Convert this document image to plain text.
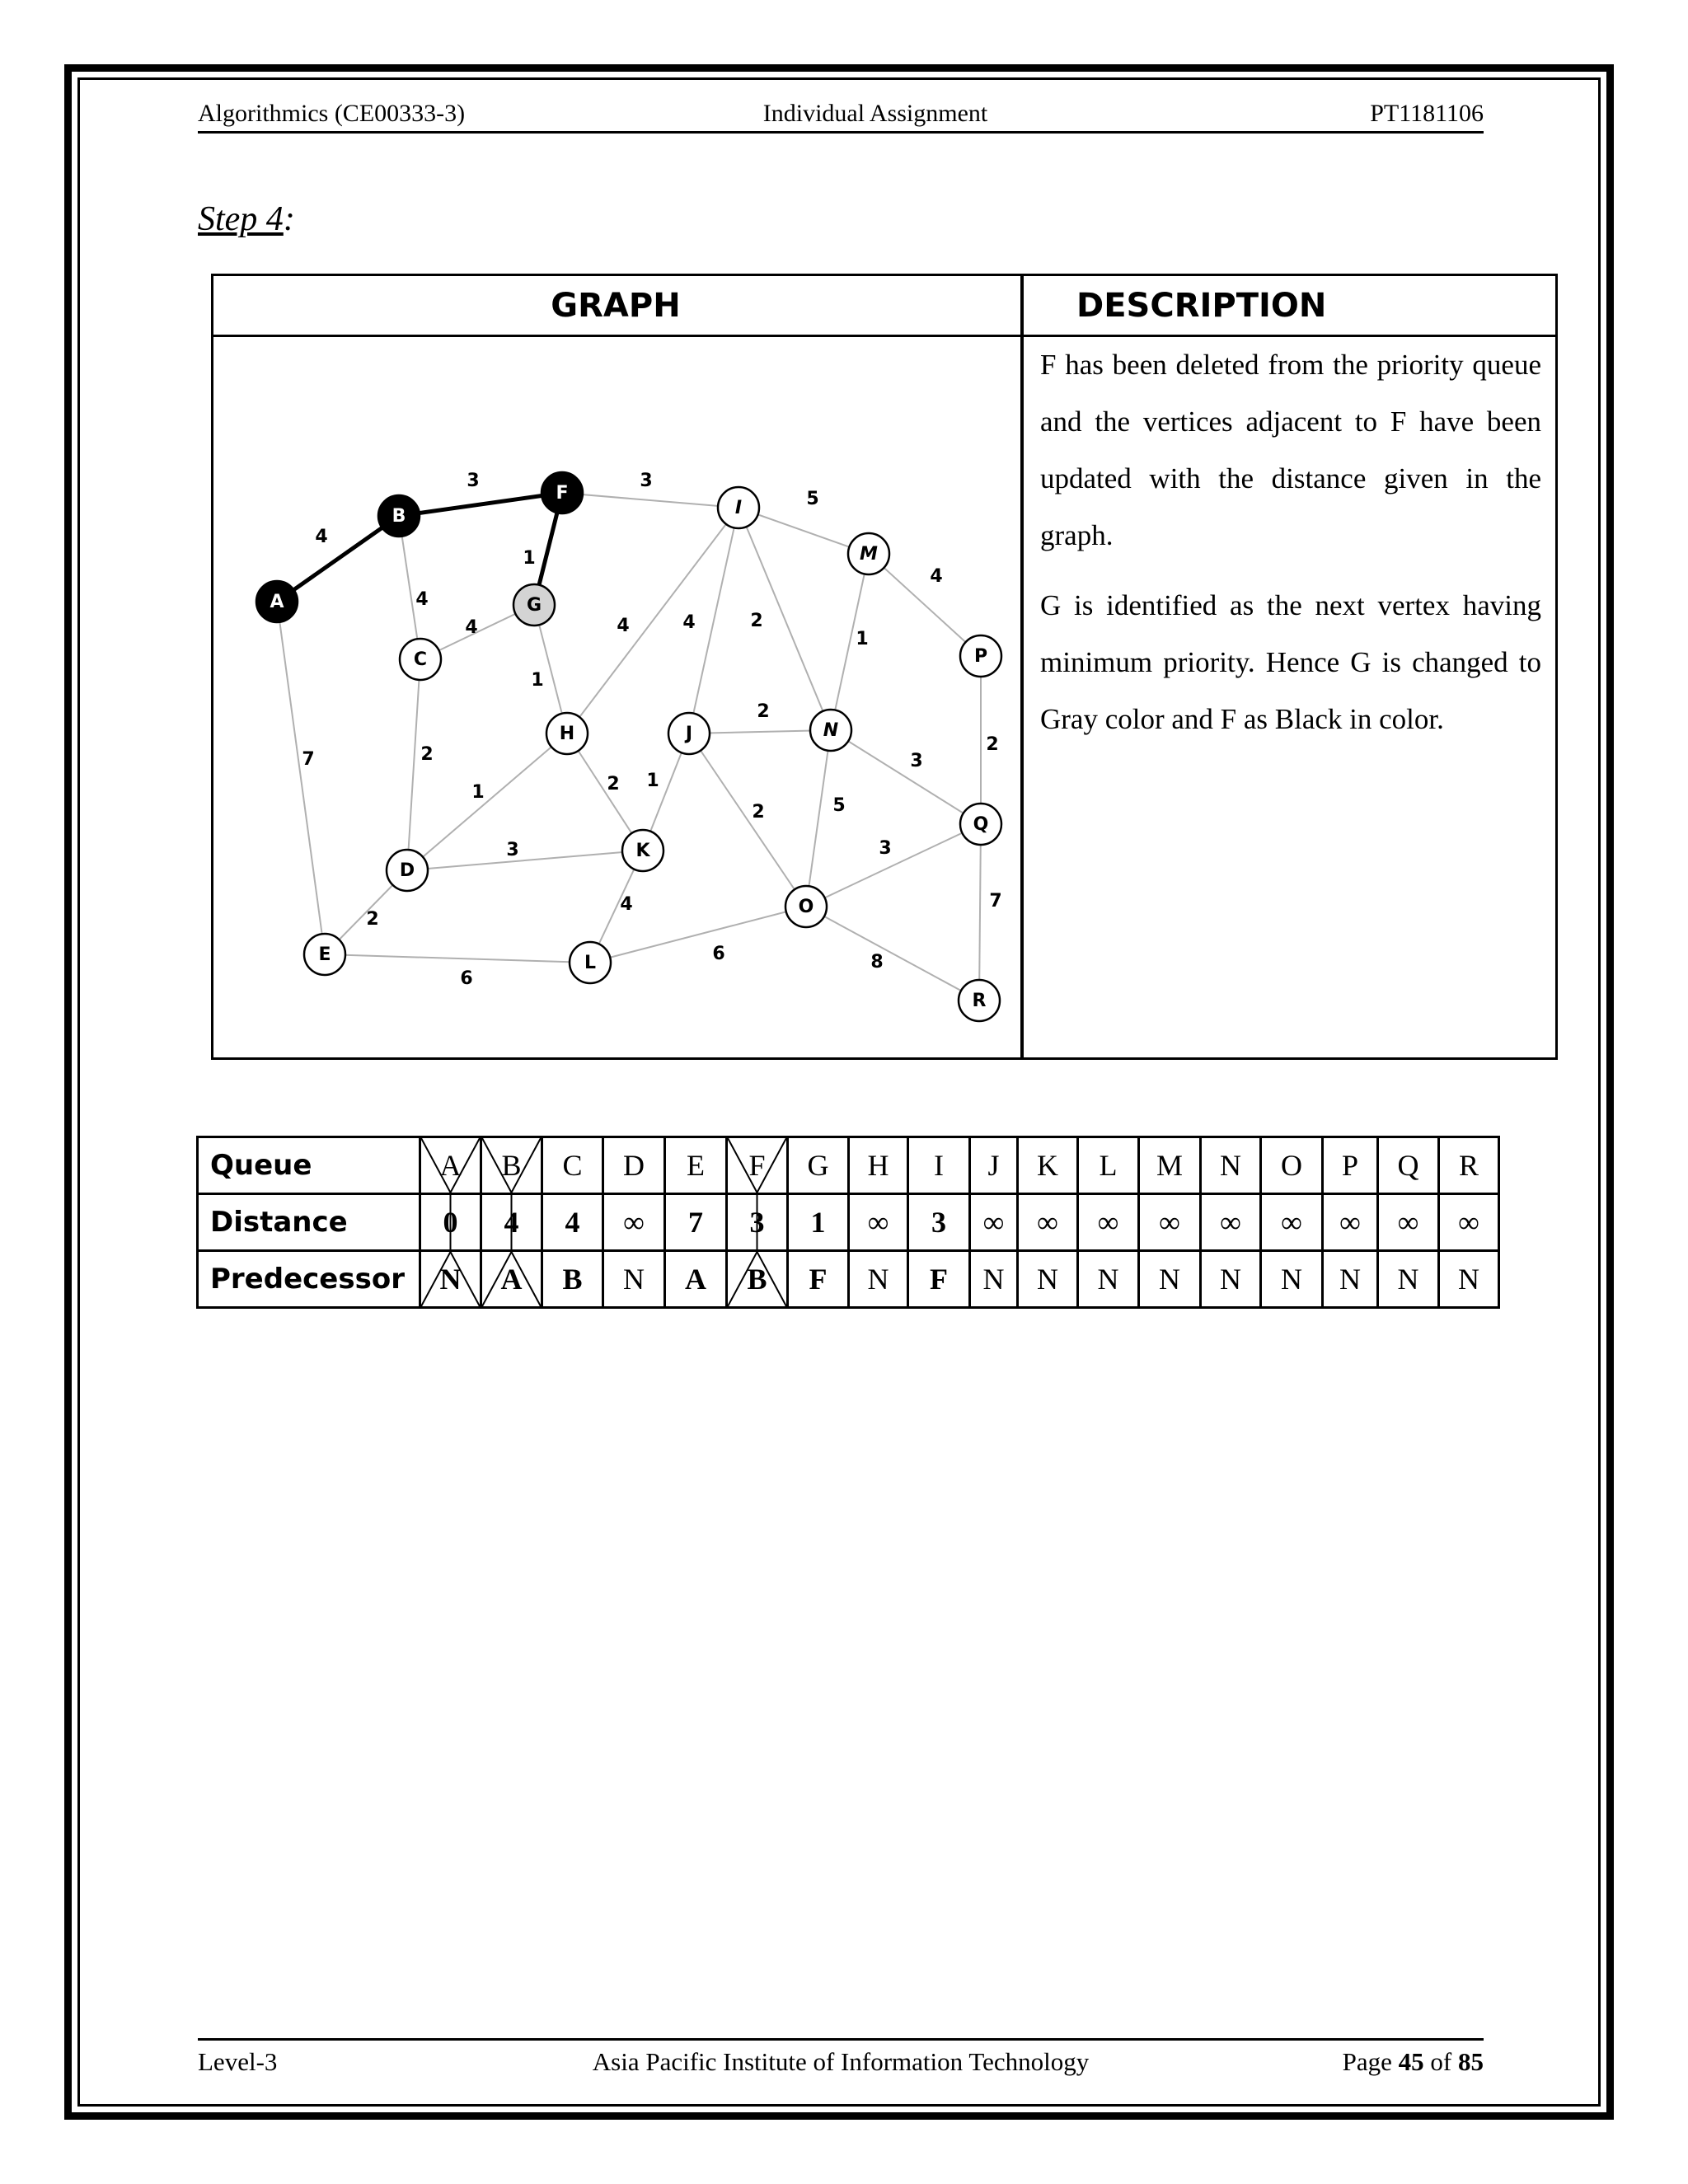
Algorithmics (CE00333-3)	Individual Assignment	PT1181106
Step 4:
GRAPH	DESCRIPTION

F has been deleted from the priority queue and the vertices adjacent to F have been updated with the distance given in the graph.

G is identified as the next vertex having minimum priority. Hence G is changed to Gray color and F as Black in color.

4
3
1
3
5
4
4
4
1
4	4	2
1
2
7	2
2
3
1	2 1
2	5
3	3
7
2
4
6
6	8
A
B
F
G
C
D
E
H
I
J
K
L
M
N
O
P
Q
R
Queue	A	B	C	D	E	F	G	H	I	J	K	L	M	N	O	P	Q	R
Distance	0	4	4	∞	7	3	1	∞	3	∞	∞	∞	∞	∞	∞	∞	∞	∞
Predecessor	N	A	B	N	A	B	F	N	F	N	N	N	N	N	N	N	N	N
Level-3	Asia Pacific Institute of Information Technology	Page 45 of 85
